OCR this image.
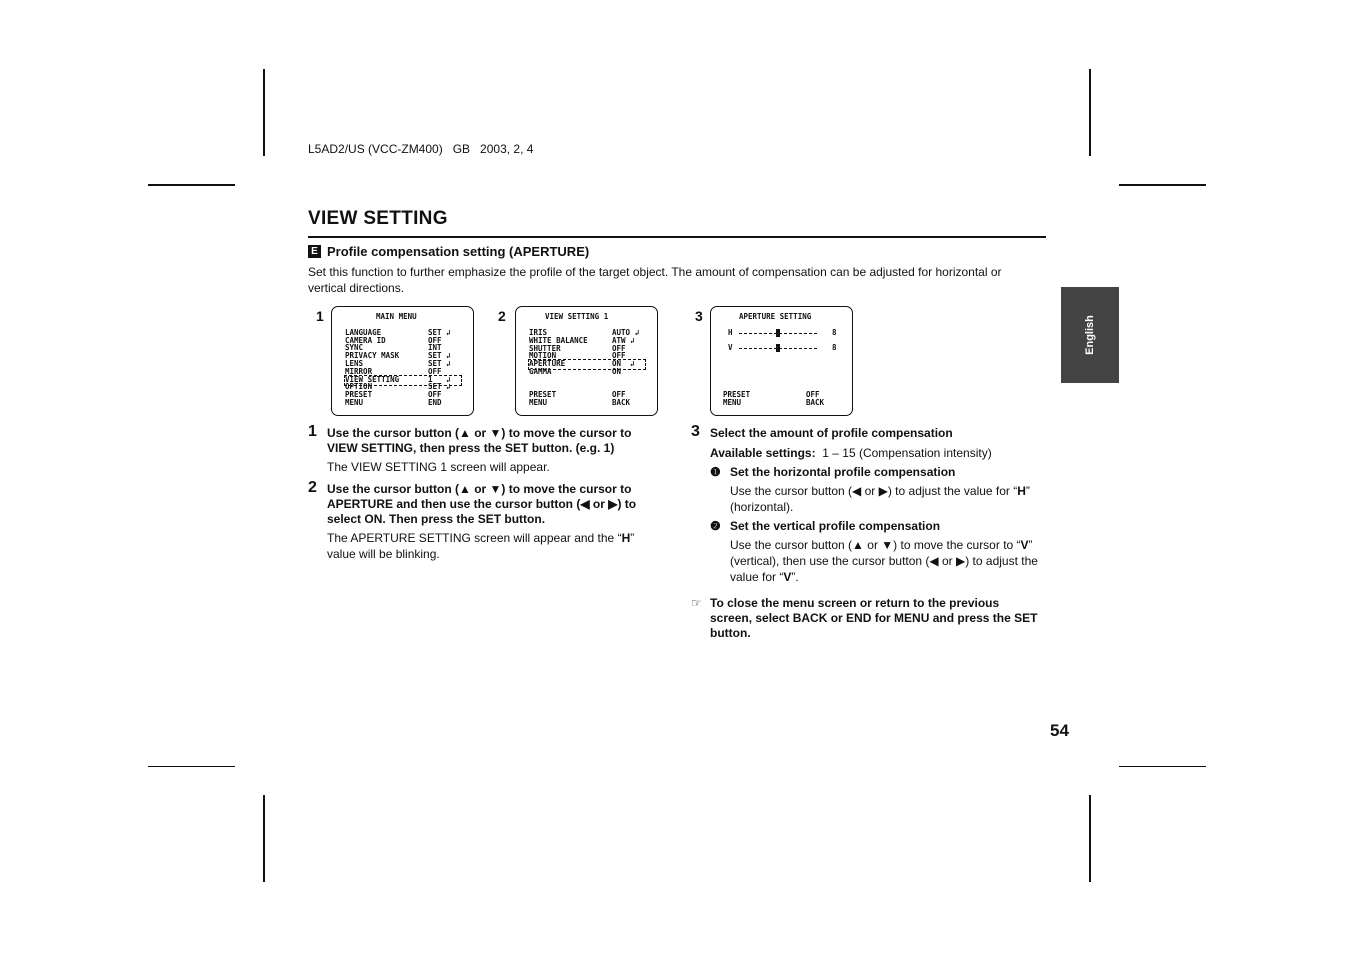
L5AD2/US (VCC-ZM400)   GB   2003, 2, 4
VIEW SETTING
E Profile compensation setting (APERTURE)
Set this function to further emphasize the profile of the target object. The amount of compensation can be adjusted for horizontal or vertical directions.
1	MAIN MENU
LANGUAGE	SET ↲
CAMERA ID	OFF
SYNC	INT
PRIVACY MASK	SET ↲
LENS	SET ↲
MIRROR	OFF
VIEW SETTING	1   ↲
OPTION	SET ↲
PRESET	OFF
MENU	END
2	VIEW SETTING 1
IRIS	AUTO ↲
WHITE BALANCE	ATW ↲
SHUTTER	OFF
MOTION	OFF
APERTURE	ON  ↲
GAMMA	ON
PRESET	OFF
MENU	BACK
3	APERTURE SETTING
H	8
V	8
PRESET	OFF
MENU	BACK
1 Use the cursor button (▲ or ▼) to move the cursor to VIEW SETTING, then press the SET button. (e.g. 1)
The VIEW SETTING 1 screen will appear.
2 Use the cursor button (▲ or ▼) to move the cursor to APERTURE and then use the cursor button (◀ or ▶) to select ON. Then press the SET button.
The APERTURE SETTING screen will appear and the “H” value will be blinking.
3 Select the amount of profile compensation
Available settings: 1 – 15 (Compensation intensity)
❶ Set the horizontal profile compensation
Use the cursor button (◀ or ▶) to adjust the value for “H” (horizontal).
❷ Set the vertical profile compensation
Use the cursor button (▲ or ▼) to move the cursor to “V” (vertical), then use the cursor button (◀ or ▶) to adjust the value for “V”.
☞ To close the menu screen or return to the previous screen, select BACK or END for MENU and press the SET button.
English
54
